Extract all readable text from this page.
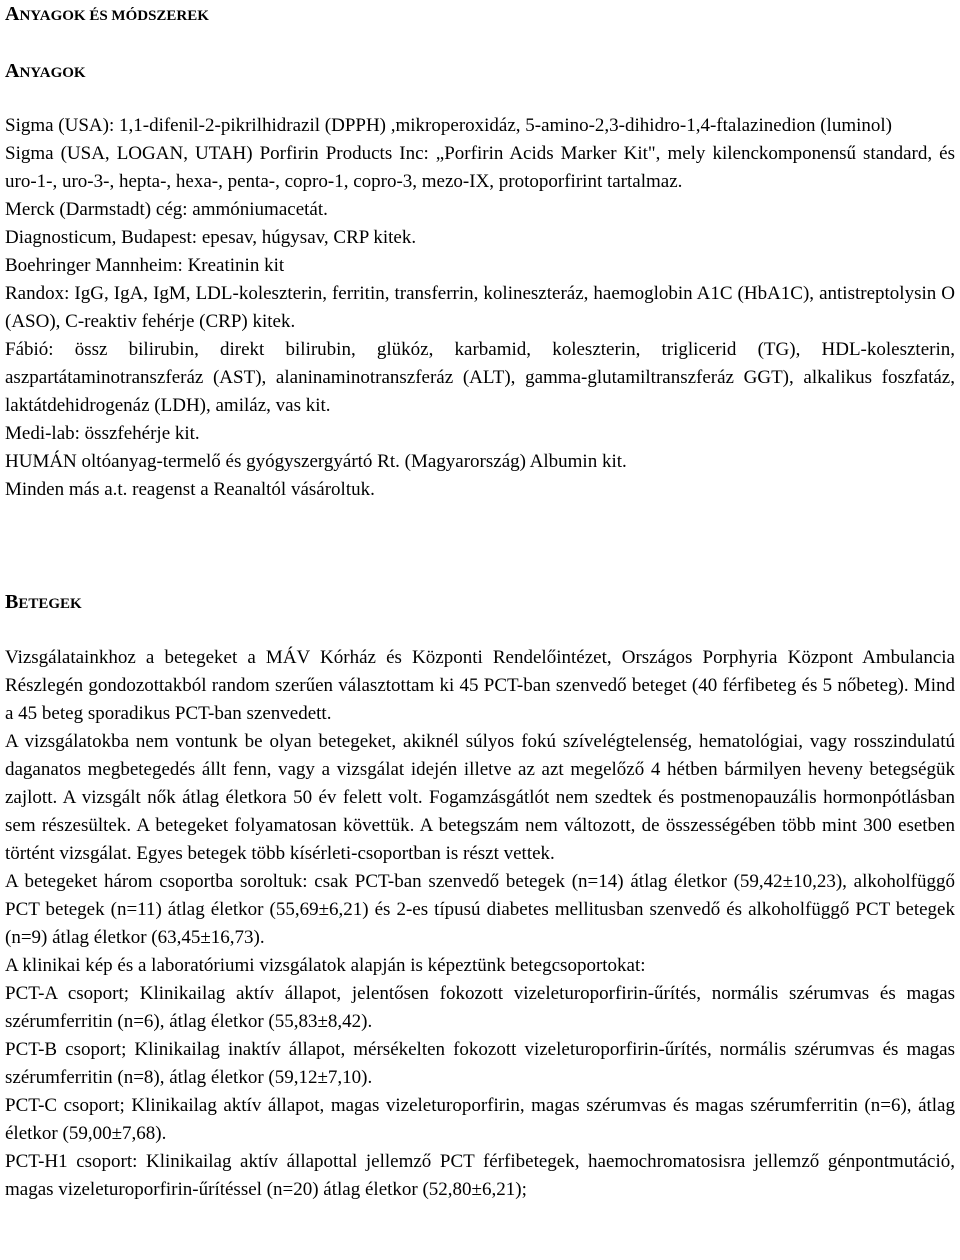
ANYAGOK ÉS MÓDSZEREK
ANYAGOK

Sigma (USA): 1,1-difenil-2-pikrilhidrazil (DPPH) ,mikroperoxidáz, 5-amino-2,3-dihidro-1,4-ftalazinedion (luminol)

Sigma (USA, LOGAN, UTAH) Porfirin Products Inc: „Porfirin Acids Marker Kit", mely kilenckomponensű standard, és uro-1-, uro-3-, hepta-, hexa-, penta-, copro-1, copro-3, mezo-IX, protoporfirint tartalmaz.

Merck (Darmstadt) cég: ammóniumacetát.

Diagnosticum, Budapest: epesav, húgysav, CRP kitek.

Boehringer Mannheim: Kreatinin kit

Randox: IgG, IgA, IgM, LDL-koleszterin, ferritin, transferrin, kolineszteráz, haemoglobin A1C (HbA1C), antistreptolysin O (ASO), C-reaktiv fehérje (CRP) kitek.

Fábió: össz bilirubin, direkt bilirubin, glükóz, karbamid, koleszterin, triglicerid (TG), HDL-koleszterin, aszpartátaminotranszferáz (AST), alaninaminotranszferáz (ALT), gamma-glutamiltranszferáz GGT), alkalikus foszfatáz, laktátdehidrogenáz (LDH), amiláz, vas kit.

Medi-lab: összfehérje kit.

HUMÁN oltóanyag-termelő és gyógyszergyártó Rt. (Magyarország) Albumin kit.

Minden más a.t. reagenst a Reanaltól vásároltuk.

BETEGEK

Vizsgálatainkhoz a betegeket a MÁV Kórház és Központi Rendelőintézet, Országos Porphyria Központ Ambulancia Részlegén gondozottakból random szerűen választottam ki 45 PCT-ban szenvedő beteget (40 férfibeteg és 5 nőbeteg). Mind a 45 beteg sporadikus PCT-ban szenvedett.

A vizsgálatokba nem vontunk be olyan betegeket, akiknél súlyos fokú szívelégtelenség, hematológiai, vagy rosszindulatú daganatos megbetegedés állt fenn, vagy a vizsgálat idején illetve az azt megelőző 4 hétben bármilyen heveny betegségük zajlott. A vizsgált nők átlag életkora 50 év felett volt. Fogamzásgátlót nem szedtek és postmenopauzális hormonpótlásban sem részesültek. A betegeket folyamatosan követtük. A betegszám nem változott, de összességében több mint 300 esetben történt vizsgálat. Egyes betegek több kísérleti-csoportban is részt vettek.

A betegeket három csoportba soroltuk: csak PCT-ban szenvedő betegek (n=14) átlag életkor (59,42±10,23), alkoholfüggő PCT betegek (n=11) átlag életkor (55,69±6,21) és 2-es típusú diabetes mellitusban szenvedő és alkoholfüggő PCT betegek (n=9) átlag életkor (63,45±16,73).

A klinikai kép és a laboratóriumi vizsgálatok alapján is képeztünk betegcsoportokat:

PCT-A csoport; Klinikailag aktív állapot, jelentősen fokozott vizeleturoporfirin-űrítés, normális szérumvas és magas szérumferritin (n=6), átlag életkor (55,83±8,42).

PCT-B csoport; Klinikailag inaktív állapot, mérsékelten fokozott vizeleturoporfirin-űrítés, normális szérumvas és magas szérumferritin (n=8), átlag életkor (59,12±7,10).

PCT-C csoport; Klinikailag aktív állapot, magas vizeleturoporfirin, magas szérumvas és magas szérumferritin (n=6), átlag életkor (59,00±7,68).

PCT-H1 csoport: Klinikailag aktív állapottal jellemző PCT férfibetegek, haemochromatosisra jellemző génpontmutáció, magas vizeleturoporfirin-űrítéssel (n=20) átlag életkor (52,80±6,21);
